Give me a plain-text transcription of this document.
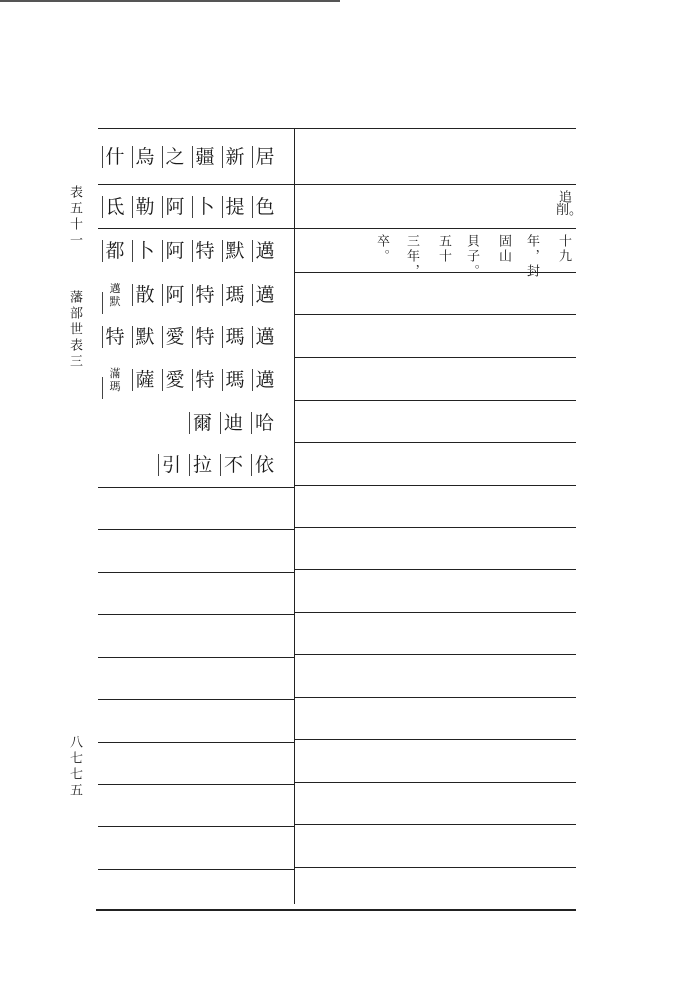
表五十一
藩部世表三
八七七五
居
新
疆
之
烏
什
色
提
卜
阿
勒
氐
邁
默
特
阿
卜
都
邁
瑪
特
阿
散
邁
默
邁
瑪
特
愛
默
特
邁
瑪
特
愛
薩
滿
瑪
哈
迪
爾
依
不
拉
引
追
削。
十九
年，封
固山
貝子。
五十
三年，
卒。
